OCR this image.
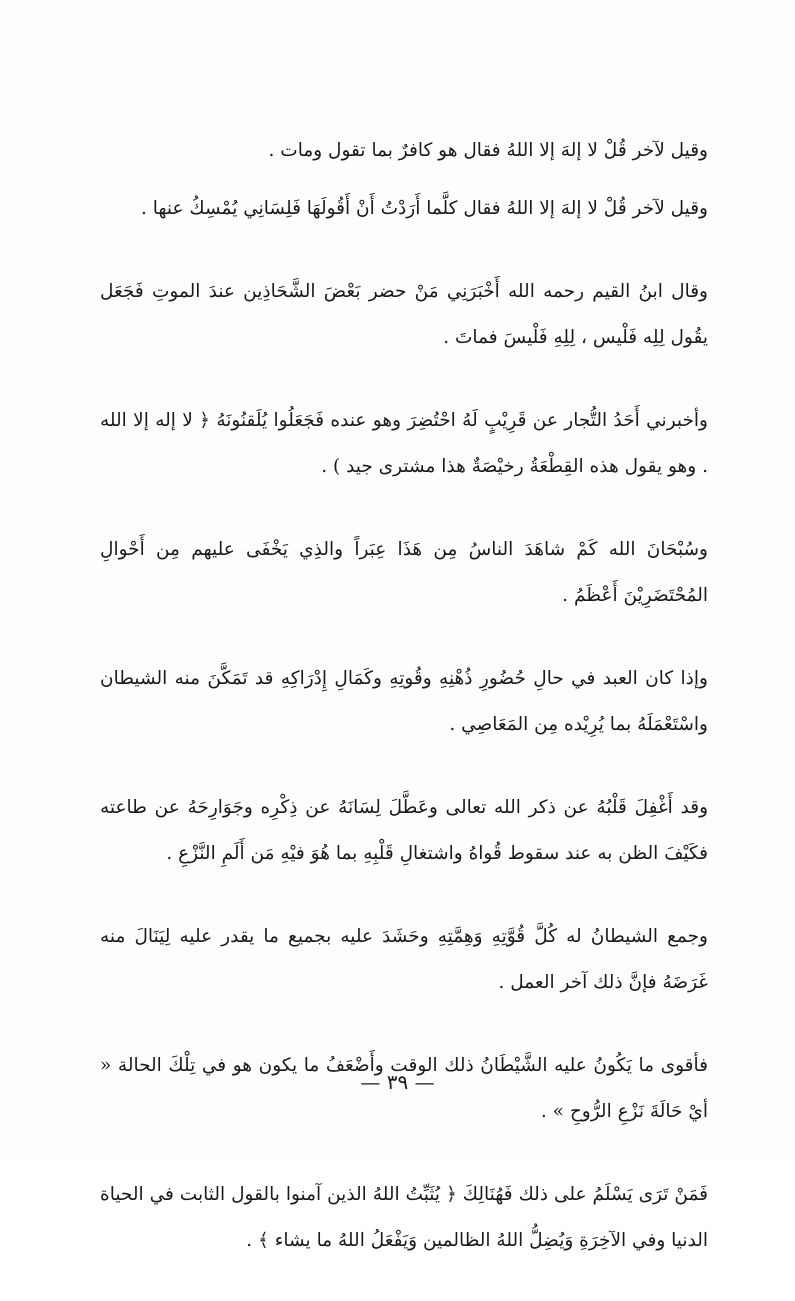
وقيل لآخر قُلْ لا إلهَ إلا اللهُ فقال هو كافرٌ بما تقول ومات .

وقيل لآخر قُلْ لا إلهَ إلا اللهُ فقال كلَّما أَرَدْتُ أَنْ أَقُولَهَا فَلِسَانِي يُمْسِكُ عنها .

وقال ابنُ القيم رحمه الله أَخْبَرَنِي مَنْ حضر بَعْضَ الشَّحَاذِين عندَ الموتِ فَجَعَل يقُول لِلِه فَلْيس ، لِلِهِ فَلْيسَ فماتَ .

وأخبرني أَحَدُ التُّجار عن قَرِيْبٍ لَهُ احْتُضِرَ وهو عنده فَجَعَلُوا يُلَقنُونَهُ ﴿ لا إله إلا الله . وهو يقول هذه القِطْعَةُ رخيْصَةٌ هذا مشترى جيد ) .

وسُبْحَانَ الله كَمْ شاهَدَ الناسُ مِن هَذَا عِبَراً والذِي يَخْفَى عليهم مِن أَحْوالِ المُحْتَضَرِيْنَ أَعْظَمُ .

وإذا كان العبد في حالِ حُضُورِ ذُهْنِهِ وقُوتِهِ وكَمَالِ إِدْرَاكِهِ قد تَمَكَّنَ منه الشيطان واسْتَعْمَلَهُ بما يُرِيْده مِن المَعَاصِي .

وقد أَغْفِلَ قَلْبُهُ عن ذكر الله تعالى وعَطَّلَ لِسَانَهُ عن ذِكْرِه وجَوَارِحَهُ عن طاعته فكَيْفَ الظن به عند سقوط قُواهُ واشتغالِ قَلْبِهِ بما هُوَ فيْهِ مَن أَلَمِ النَّزْعِ .

وجمع الشيطانُ له كُلَّ قُوَّتِهِ وَهِمَّتِهِ وحَشَدَ عليه بجميع ما يقدر عليه لِيَنَالَ منه غَرَضَهُ فإنَّ ذلك آخر العمل .

فأقوى ما يَكُونُ عليه الشَّيْطَانُ ذلك الوقت وأَضْعَفُ ما يكون هو في تِلْكَ الحالة « أيْ حَالَةَ نَزْعِ الرُّوحِ » .

فَمَنْ تَرَى يَسْلَمُ على ذلك فَهُنَالِكَ ﴿ يُثَبِّتُ اللهُ الذين آمنوا بالقول الثابت في الحياة الدنيا وفي الآخِرَةِ وَيُضِلُّ اللهُ الظالمين وَيَفْعَلُ اللهُ ما يشاء ﴾ .

— ٣٩ —
